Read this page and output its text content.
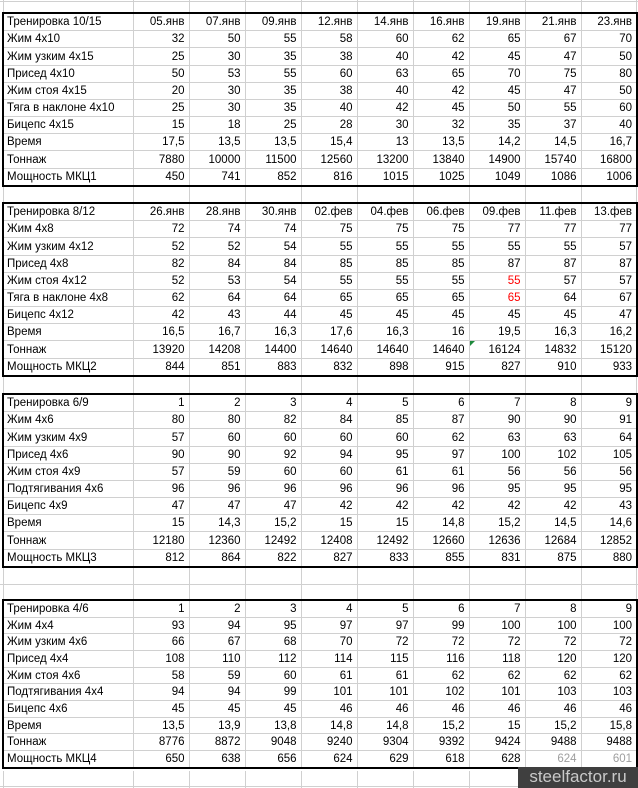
Тренировка 10/15	05.янв	07.янв	09.янв	12.янв	14.янв	16.янв	19.янв	21.янв	23.янв
Жим 4x10	32	50	55	58	60	62	65	67	70
Жим узким 4x15	25	30	35	38	40	42	45	47	50
Присед 4x10	50	53	55	60	63	65	70	75	80
Жим стоя 4x15	20	30	35	38	40	42	45	47	50
Тяга в наклоне 4x10	25	30	35	40	42	45	50	55	60
Бицепс 4x15	15	18	25	28	30	32	35	37	40
Время	17,5	13,5	13,5	15,4	13	13,5	14,2	14,5	16,7
Тоннаж	7880	10000	11500	12560	13200	13840	14900	15740	16800
Мощность МКЦ1	450	741	852	816	1015	1025	1049	1086	1006
Тренировка 8/12	26.янв	28.янв	30.янв	02.фев	04.фев	06.фев	09.фев	11.фев	13.фев
Жим 4x8	72	74	74	75	75	75	77	77	77
Жим узким 4x12	52	52	54	55	55	55	55	55	57
Присед 4x8	82	84	84	85	85	85	87	87	87
Жим стоя 4x12	52	53	54	55	55	55	55	57	57
Тяга в наклоне 4x8	62	64	64	65	65	65	65	64	67
Бицепс 4x12	42	43	44	45	45	45	45	45	47
Время	16,5	16,7	16,3	17,6	16,3	16	19,5	16,3	16,2
Тоннаж	13920	14208	14400	14640	14640	14640	16124	14832	15120
Мощность МКЦ2	844	851	883	832	898	915	827	910	933
Тренировка 6/9	1	2	3	4	5	6	7	8	9
Жим 4x6	80	80	82	84	85	87	90	90	91
Жим узким 4x9	57	60	60	60	60	62	63	63	64
Присед 4x6	90	90	92	94	95	97	100	102	105
Жим стоя 4x9	57	59	60	60	61	61	56	56	56
Подтягивания 4x6	96	96	96	96	96	96	95	95	95
Бицепс 4x9	47	47	47	42	42	42	42	42	43
Время	15	14,3	15,2	15	15	14,8	15,2	14,5	14,6
Тоннаж	12180	12360	12492	12408	12492	12660	12636	12684	12852
Мощность МКЦ3	812	864	822	827	833	855	831	875	880
Тренировка 4/6	1	2	3	4	5	6	7	8	9
Жим 4x4	93	94	95	97	97	99	100	100	100
Жим узким 4x6	66	67	68	70	72	72	72	72	72
Присед 4x4	108	110	112	114	115	116	118	120	120
Жим стоя 4x6	58	59	60	61	61	62	62	62	62
Подтягивания 4x4	94	94	99	101	101	102	101	103	103
Бицепс 4x6	45	45	45	46	46	46	46	46	46
Время	13,5	13,9	13,8	14,8	14,8	15,2	15	15,2	15,8
Тоннаж	8776	8872	9048	9240	9304	9392	9424	9488	9488
Мощность МКЦ4	650	638	656	624	629	618	628	624	601
steelfactor.ru
